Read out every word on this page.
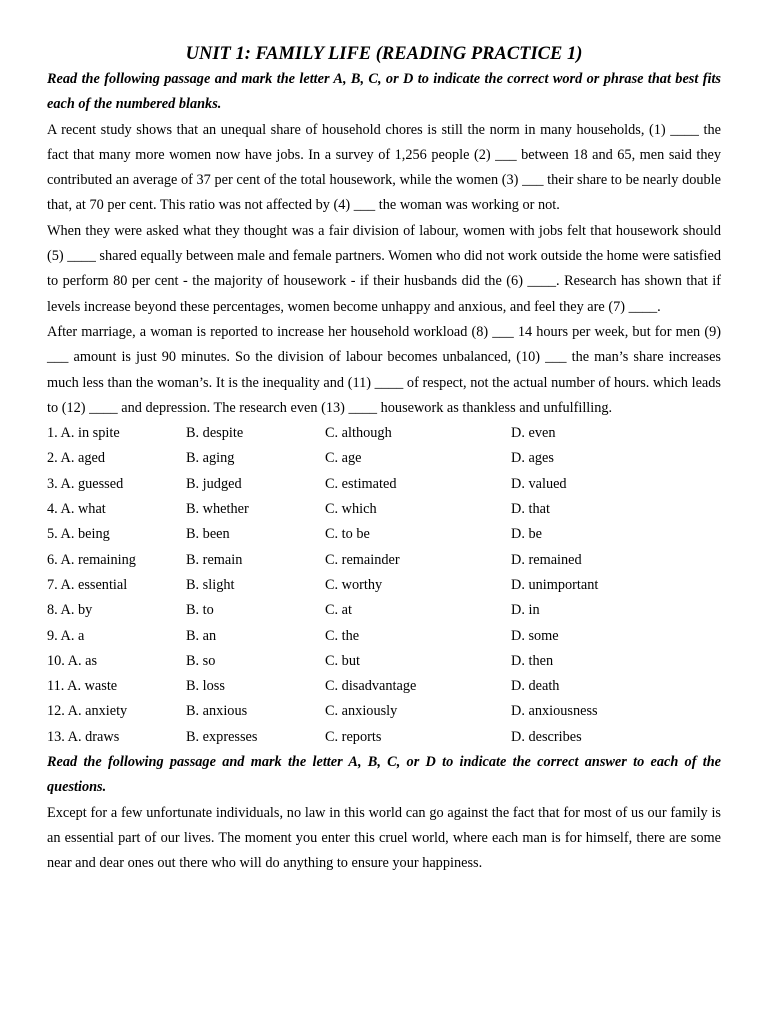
UNIT 1: FAMILY LIFE (READING PRACTICE 1)

Read the following passage and mark the letter A, B, C, or D to indicate the correct word or phrase that best fits each of the numbered blanks.

A recent study shows that an unequal share of household chores is still the norm in many households, (1) ____ the fact that many more women now have jobs. In a survey of 1,256 people (2) ___ between 18 and 65, men said they contributed an average of 37 per cent of the total housework, while the women (3) ___ their share to be nearly double that, at 70 per cent. This ratio was not affected by (4) ___ the woman was working or not.

When they were asked what they thought was a fair division of labour, women with jobs felt that housework should (5) ____ shared equally between male and female partners. Women who did not work outside the home were satisfied to perform 80 per cent - the majority of housework - if their husbands did the (6) ____. Research has shown that if levels increase beyond these percentages, women become unhappy and anxious, and feel they are (7) ____.

After marriage, a woman is reported to increase her household workload (8) ___ 14 hours per week, but for men (9) ___ amount is just 90 minutes. So the division of labour becomes unbalanced, (10) ___ the man’s share increases much less than the woman’s. It is the inequality and (11) ____ of respect, not the actual number of hours. which leads to (12) ____ and depression. The research even (13) ____ housework as thankless and unfulfilling.

1. A. in spite	B. despite	C. although	D. even
2. A. aged	B. aging	C. age	D. ages
3. A. guessed	B. judged	C. estimated	D. valued
4. A. what	B. whether	C. which	D. that
5. A. being	B. been	C. to be	D. be
6. A. remaining	B. remain	C. remainder	D. remained
7. A. essential	B. slight	C. worthy	D. unimportant
8. A. by	B. to	C. at	D. in
9. A. a	B. an	C. the	D. some
10. A. as	B. so	C. but	D. then
11. A. waste	B. loss	C. disadvantage	D. death
12. A. anxiety	B. anxious	C. anxiously	D. anxiousness
13. A. draws	B. expresses	C. reports	D. describes

Read the following passage and mark the letter A, B, C, or D to indicate the correct answer to each of the questions.

Except for a few unfortunate individuals, no law in this world can go against the fact that for most of us our family is an essential part of our lives. The moment you enter this cruel world, where each man is for himself, there are some near and dear ones out there who will do anything to ensure your happiness.
